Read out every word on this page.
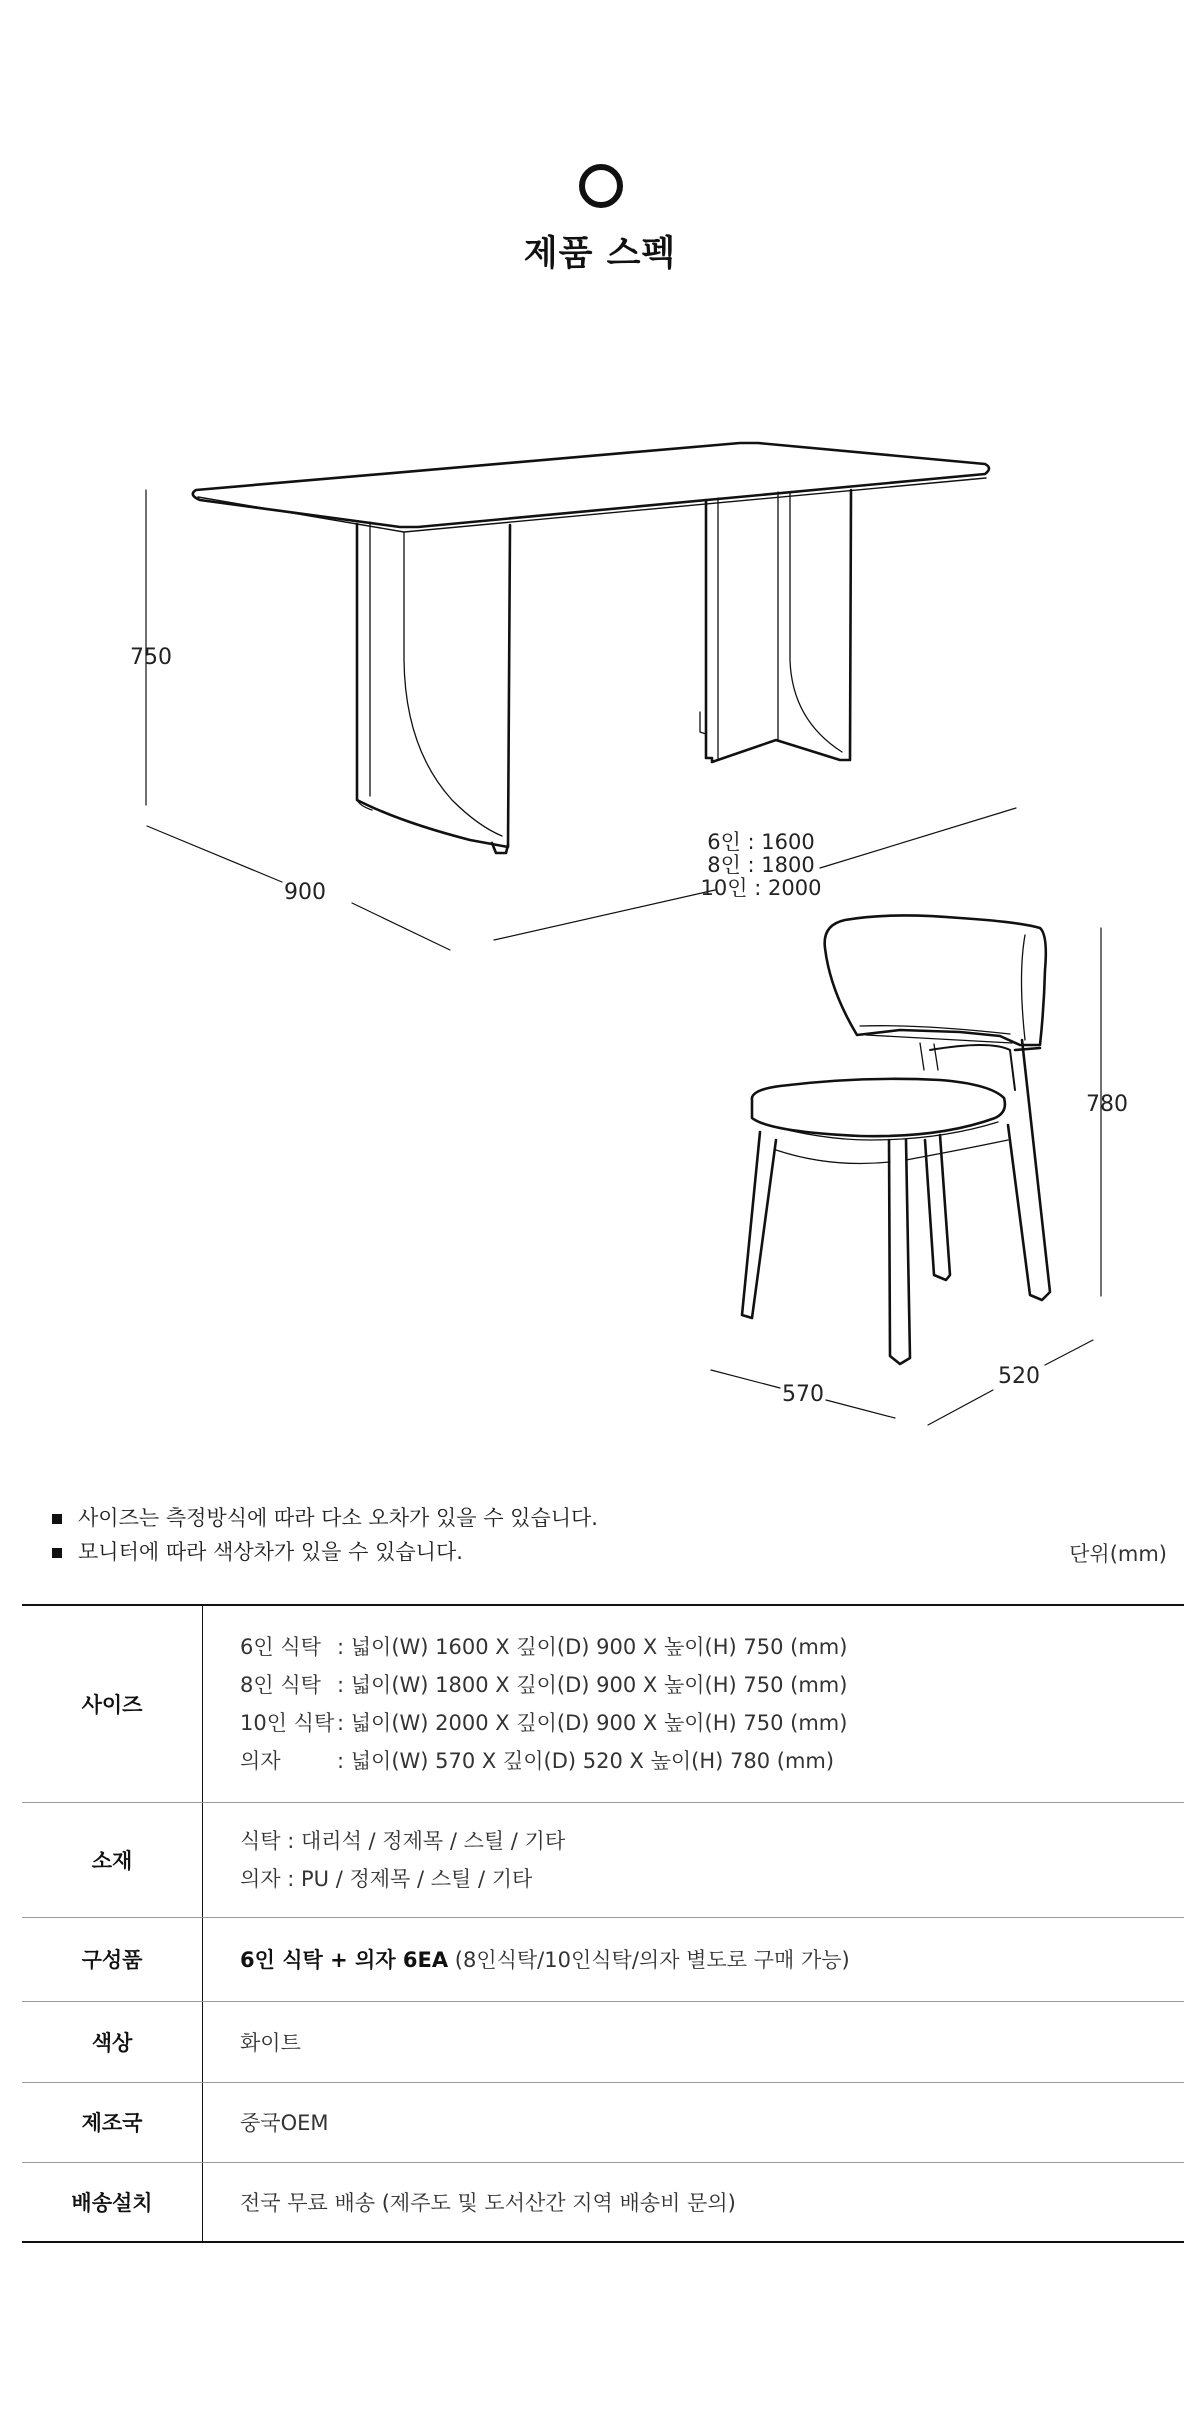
제품 스펙
750
900
6인 : 1600
8인 : 1800
10인 : 2000
780
570
520
사이즈는 측정방식에 따라 다소 오차가 있을 수 있습니다.
모니터에 따라 색상차가 있을 수 있습니다.	단위(mm)
사이즈	6인 식탁 : 넓이(W) 1600 X 깊이(D) 900 X 높이(H) 750 (mm)
8인 식탁 : 넓이(W) 1800 X 깊이(D) 900 X 높이(H) 750 (mm)
10인 식탁 : 넓이(W) 2000 X 깊이(D) 900 X 높이(H) 750 (mm)
의자 : 넓이(W) 570 X 깊이(D) 520 X 높이(H) 780 (mm)

소재	식탁 : 대리석 / 정제목 / 스틸 / 기타
의자 : PU / 정제목 / 스틸 / 기타

구성품	6인 식탁 + 의자 6EA (8인식탁/10인식탁/의자 별도로 구매 가능)
색상	화이트
제조국	중국OEM
배송설치	전국 무료 배송 (제주도 및 도서산간 지역 배송비 문의)
